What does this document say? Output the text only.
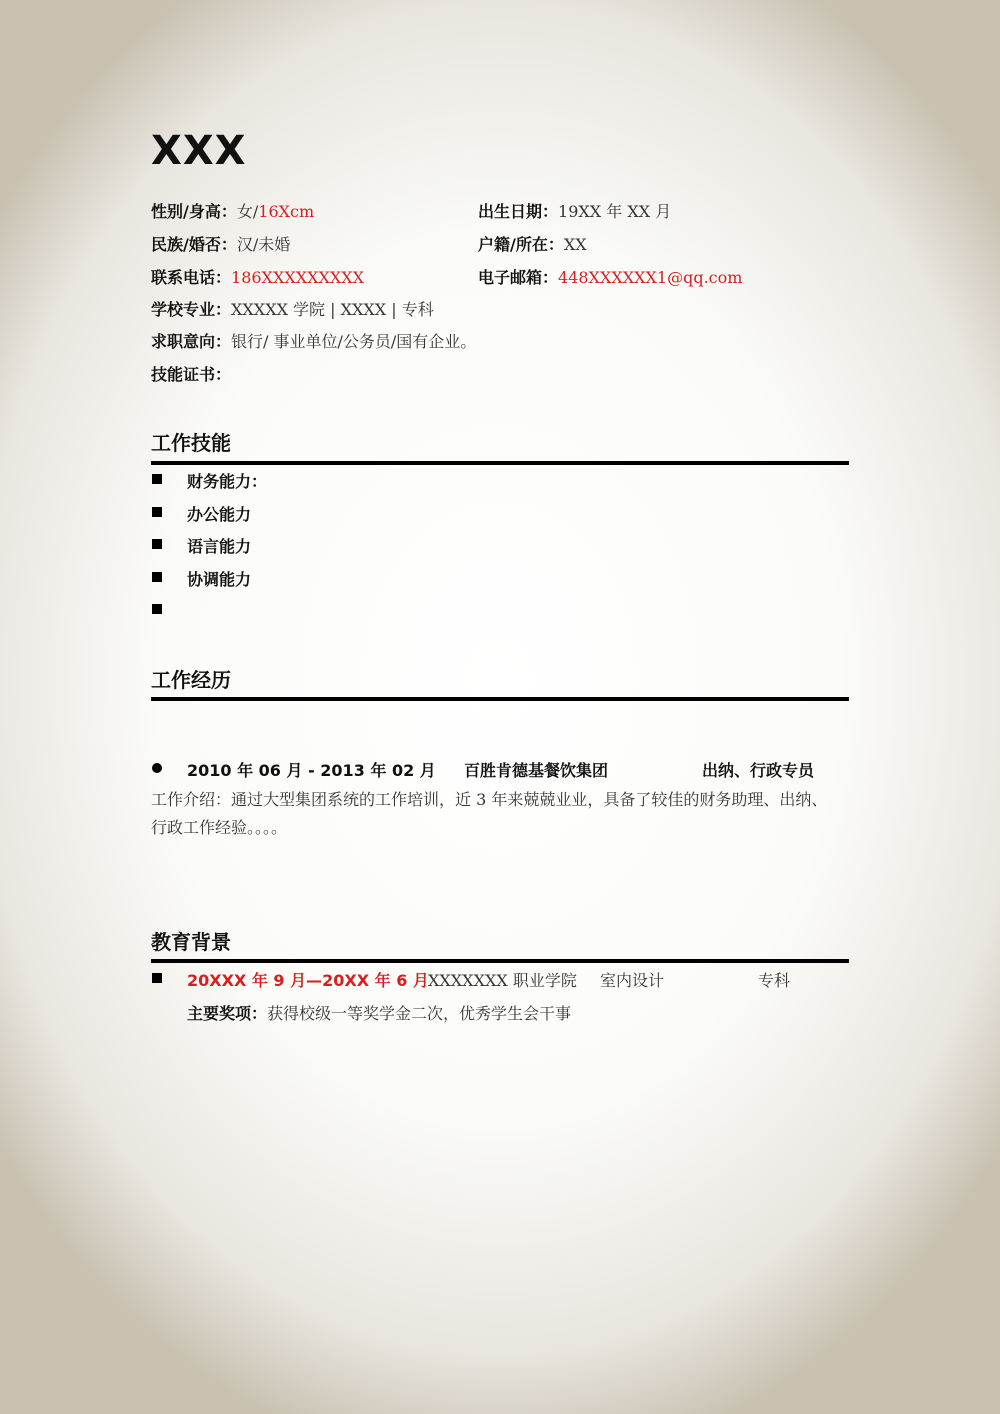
XXX
性别/身高：女/16Xcm	出生日期：19XX 年 XX 月
民族/婚否：汉/未婚	户籍/所在：XX
联系电话：186XXXXXXXXX	电子邮箱：448XXXXXX1@qq.com
学校专业：XXXXX 学院 | XXXX | 专科
求职意向：银行/ 事业单位/公务员/国有企业。
技能证书：
工作技能
财务能力：
办公能力
语言能力
协调能力
工作经历
2010 年 06 月 - 2013 年 02 月 百胜肯德基餐饮集团	出纳、行政专员
工作介绍：通过大型集团系统的工作培训，近 3 年来兢兢业业，具备了较佳的财务助理、出纳、
行政工作经验。。。。
教育背景
20XXX 年 9 月—20XX 年 6 月 XXXXXXX 职业学院 室内设计	专科
主要奖项：获得校级一等奖学金二次，优秀学生会干事
